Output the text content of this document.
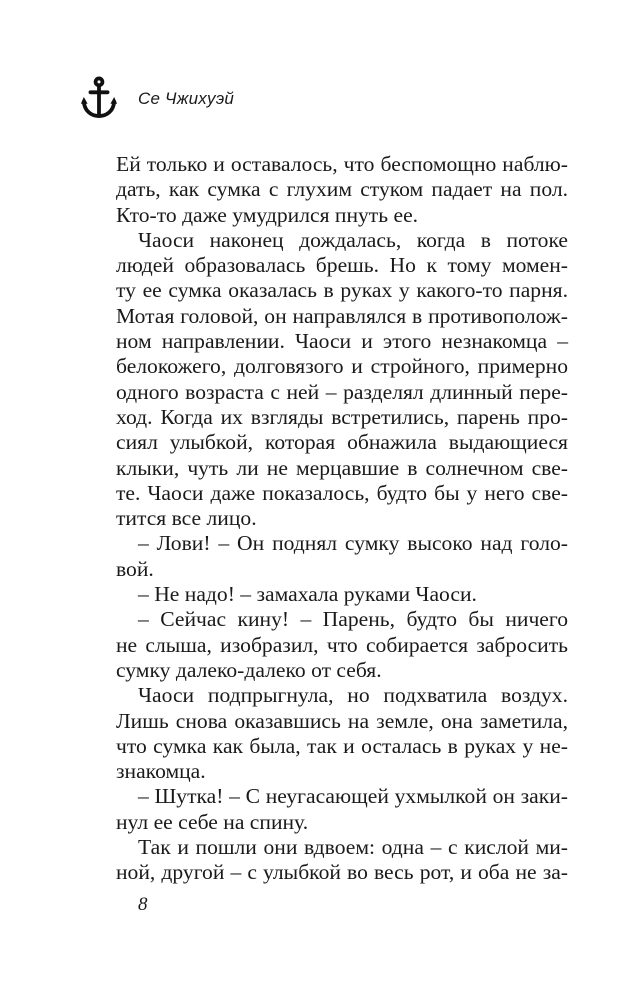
Се Чжихуэй
Ей только и оставалось, что беспомощно наблю-
дать, как сумка с глухим стуком падает на пол.
Кто-то даже умудрился пнуть ее.
Чаоси наконец дождалась, когда в потоке
людей образовалась брешь. Но к тому момен-
ту ее сумка оказалась в руках у какого-то парня.
Мотая головой, он направлялся в противополож-
ном направлении. Чаоси и этого незнакомца –
белокожего, долговязого и стройного, примерно
одного возраста с ней – разделял длинный пере-
ход. Когда их взгляды встретились, парень про-
сиял улыбкой, которая обнажила выдающиеся
клыки, чуть ли не мерцавшие в солнечном све-
те. Чаоси даже показалось, будто бы у него све-
тится все лицо.
– Лови! – Он поднял сумку высоко над голо-
вой.
– Не надо! – замахала руками Чаоси.
– Сейчас кину! – Парень, будто бы ничего
не слыша, изобразил, что собирается забросить
сумку далеко-далеко от себя.
Чаоси подпрыгнула, но подхватила воздух.
Лишь снова оказавшись на земле, она заметила,
что сумка как была, так и осталась в руках у не-
знакомца.
– Шутка! – С неугасающей ухмылкой он заки-
нул ее себе на спину.
Так и пошли они вдвоем: одна – с кислой ми-
ной, другой – с улыбкой во весь рот, и оба не за-
8
